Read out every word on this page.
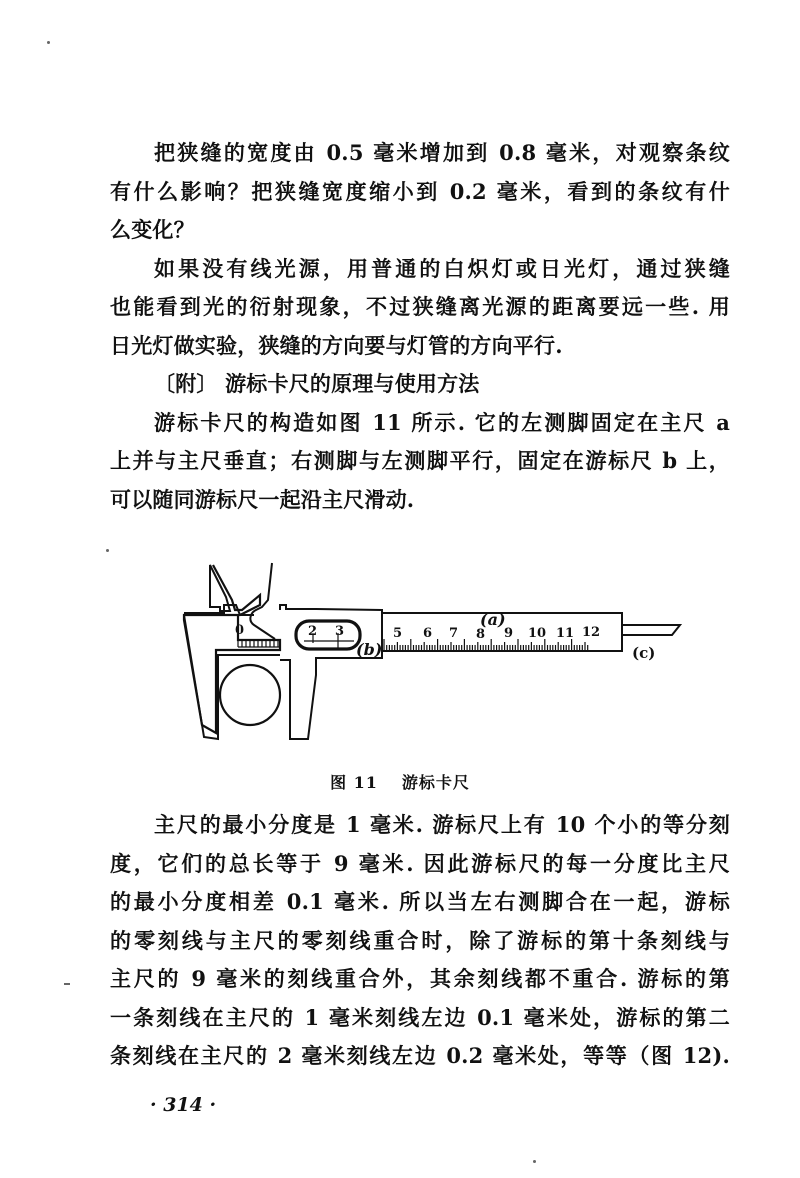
把狭缝的宽度由 0.5 毫米增加到 0.8 毫米，对观察条纹
有什么影响？把狭缝宽度缩小到 0.2 毫米，看到的条纹有什
么变化？
如果没有线光源，用普通的白炽灯或日光灯，通过狭缝
也能看到光的衍射现象，不过狭缝离光源的距离要远一些. 用
日光灯做实验，狭缝的方向要与灯管的方向平行.
〔附〕 游标卡尺的原理与使用方法
游标卡尺的构造如图 11 所示. 它的左测脚固定在主尺 a
上并与主尺垂直；右测脚与左测脚平行，固定在游标尺 b 上，
可以随同游标尺一起沿主尺滑动.
0	2 3	5 6 7 8 9 10 11 12
(a)
(b)	(c)
图 11 游标卡尺
主尺的最小分度是 1 毫米. 游标尺上有 10 个小的等分刻
度，它们的总长等于 9 毫米. 因此游标尺的每一分度比主尺
的最小分度相差 0.1 毫米. 所以当左右测脚合在一起，游标
的零刻线与主尺的零刻线重合时，除了游标的第十条刻线与
主尺的 9 毫米的刻线重合外，其余刻线都不重合. 游标的第
一条刻线在主尺的 1 毫米刻线左边 0.1 毫米处，游标的第二
条刻线在主尺的 2 毫米刻线左边 0.2 毫米处，等等（图 12).
· 314 ·
